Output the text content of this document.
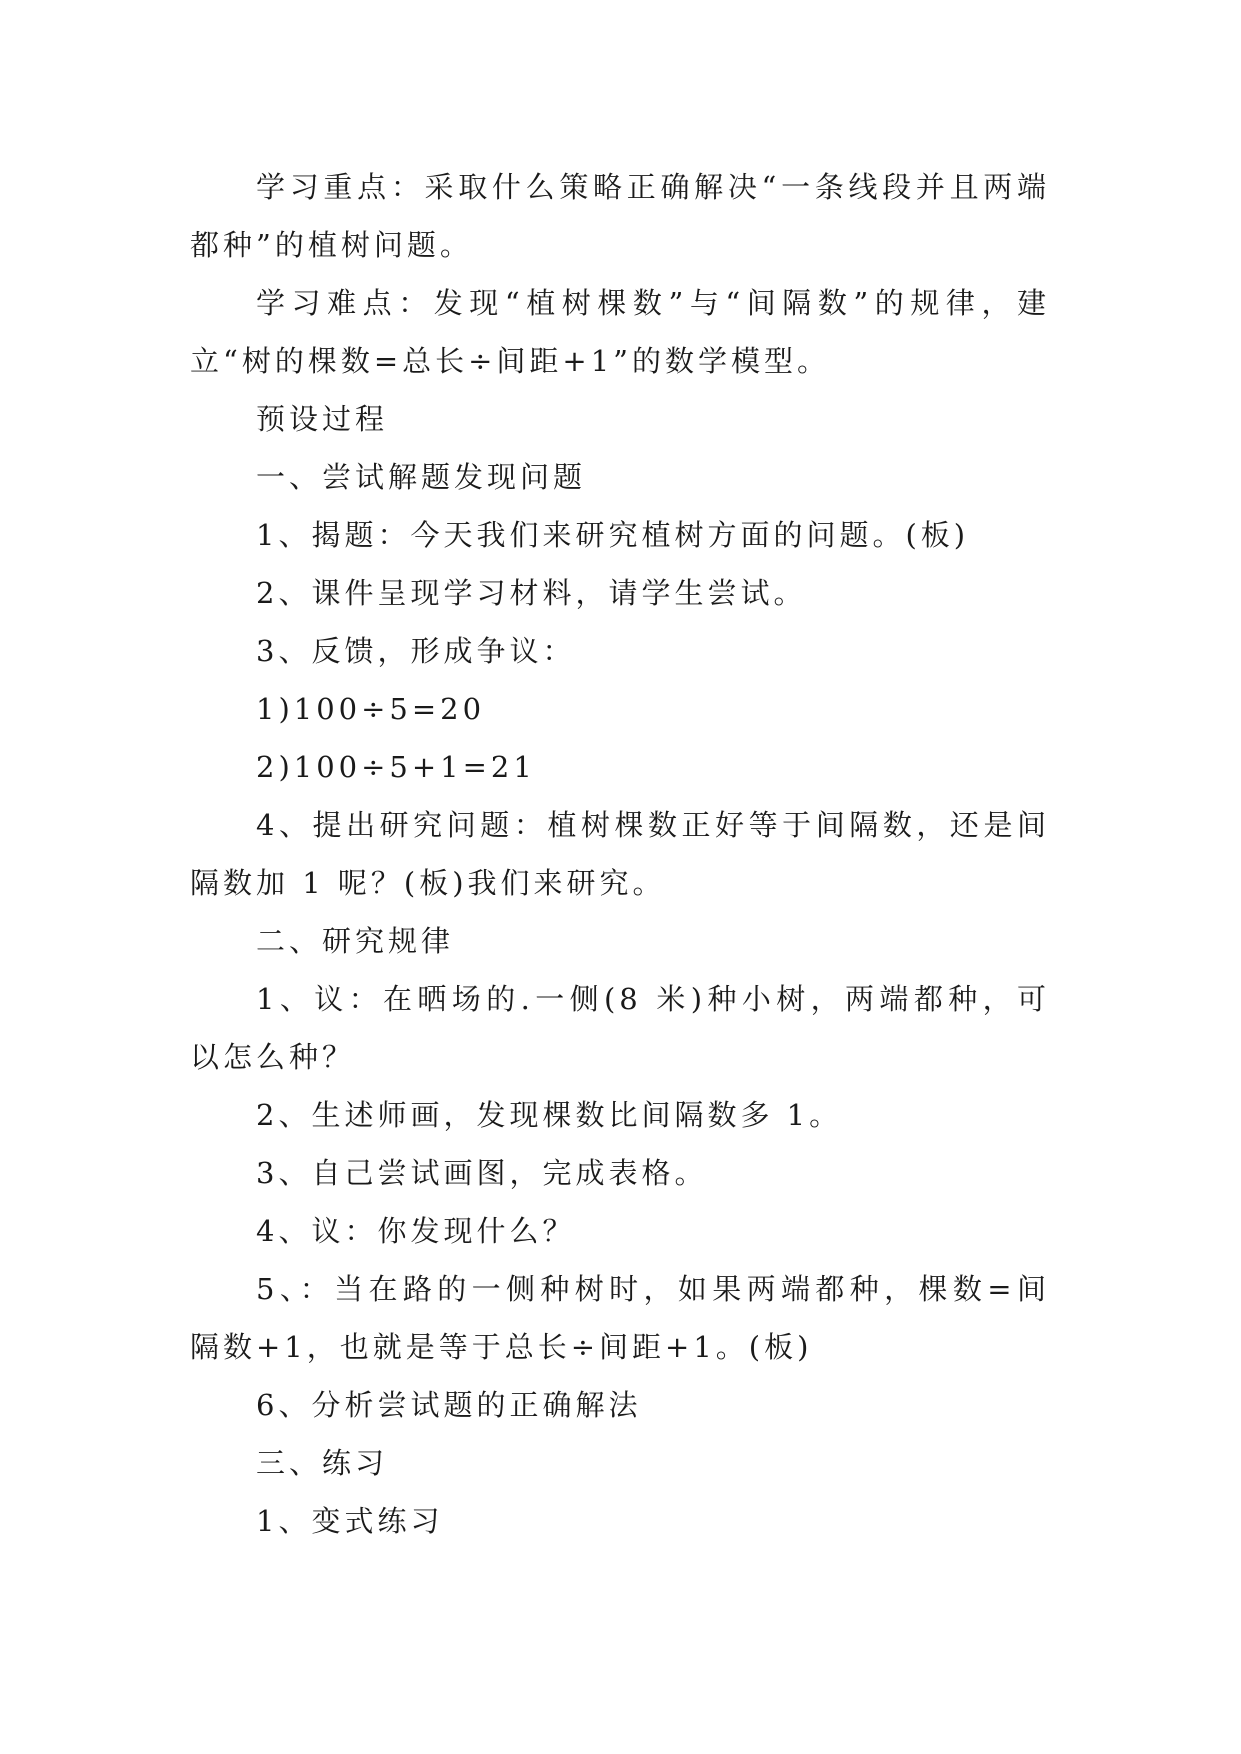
学习重点：采取什么策略正确解决“一条线段并且两端都种”的植树问题。

学习难点：发现“植树棵数”与“间隔数”的规律，建立“树的棵数=总长÷间距+1”的数学模型。

预设过程

一、尝试解题发现问题

1、揭题：今天我们来研究植树方面的问题。(板)

2、课件呈现学习材料，请学生尝试。

3、反馈，形成争议：

1)100÷5=20

2)100÷5+1=21

4、提出研究问题：植树棵数正好等于间隔数，还是间隔数加 1 呢？(板)我们来研究。

二、研究规律

1、议：在晒场的.一侧(8 米)种小树，两端都种，可以怎么种？

2、生述师画，发现棵数比间隔数多 1。

3、自己尝试画图，完成表格。

4、议：你发现什么？

5、：当在路的一侧种树时，如果两端都种，棵数=间隔数+1，也就是等于总长÷间距+1。(板)

6、分析尝试题的正确解法

三、练习

1、变式练习
